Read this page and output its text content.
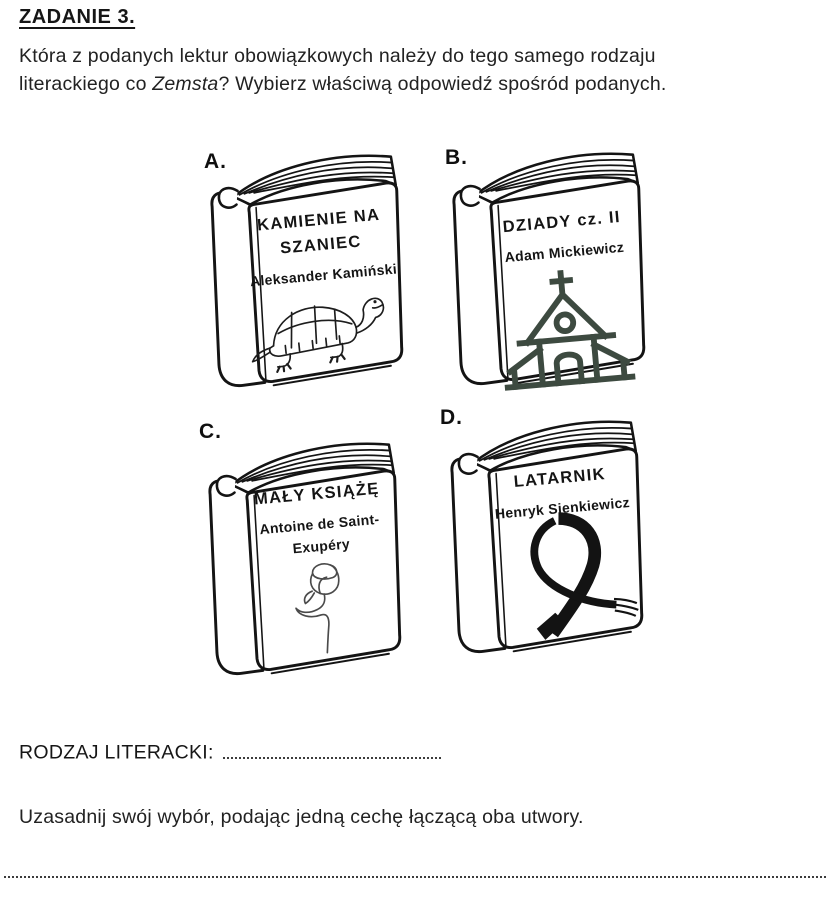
ZADANIE 3.

Która z podanych lektur obowiązkowych należy do tego samego rodzaju
literackiego co Zemsta? Wybierz właściwą odpowiedź spośród podanych.

A.
KAMIENIE NA
SZANIEC
Aleksander Kamiński
B.
DZIADY cz. II
Adam Mickiewicz
C.
MAŁY KSIĄŻĘ
Antoine de Saint-
Exupéry
D.
LATARNIK
Henryk Sienkiewicz
RODZAJ LITERACKI:

Uzasadnij swój wybór, podając jedną cechę łączącą oba utwory.
